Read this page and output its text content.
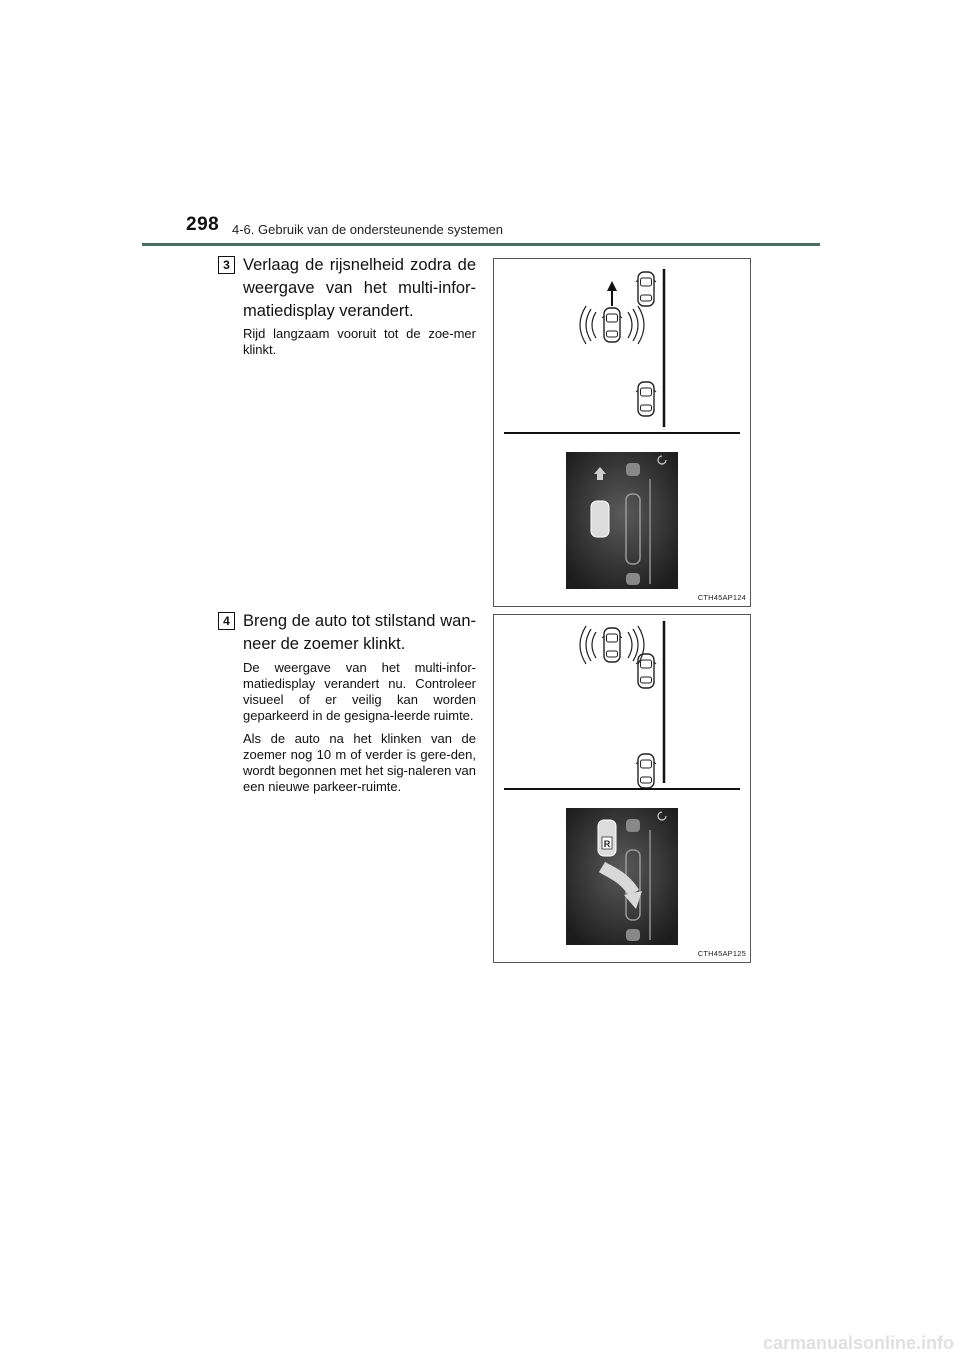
298 4-6. Gebruik van de ondersteunende systemen
3 Verlaag de rijsnelheid zodra de weergave van het multi-infor-matiedisplay verandert.

Rijd langzaam vooruit tot de zoe-mer klinkt.

CTH45AP124
4 Breng de auto tot stilstand wan-neer de zoemer klinkt.

De weergave van het multi-infor-matiedisplay verandert nu. Controleer visueel of er veilig kan worden geparkeerd in de gesigna-leerde ruimte.

Als de auto na het klinken van de zoemer nog 10 m of verder is gere-den, wordt begonnen met het sig-naleren van een nieuwe parkeer-ruimte.

R
CTH45AP125
carmanualsonline.info
